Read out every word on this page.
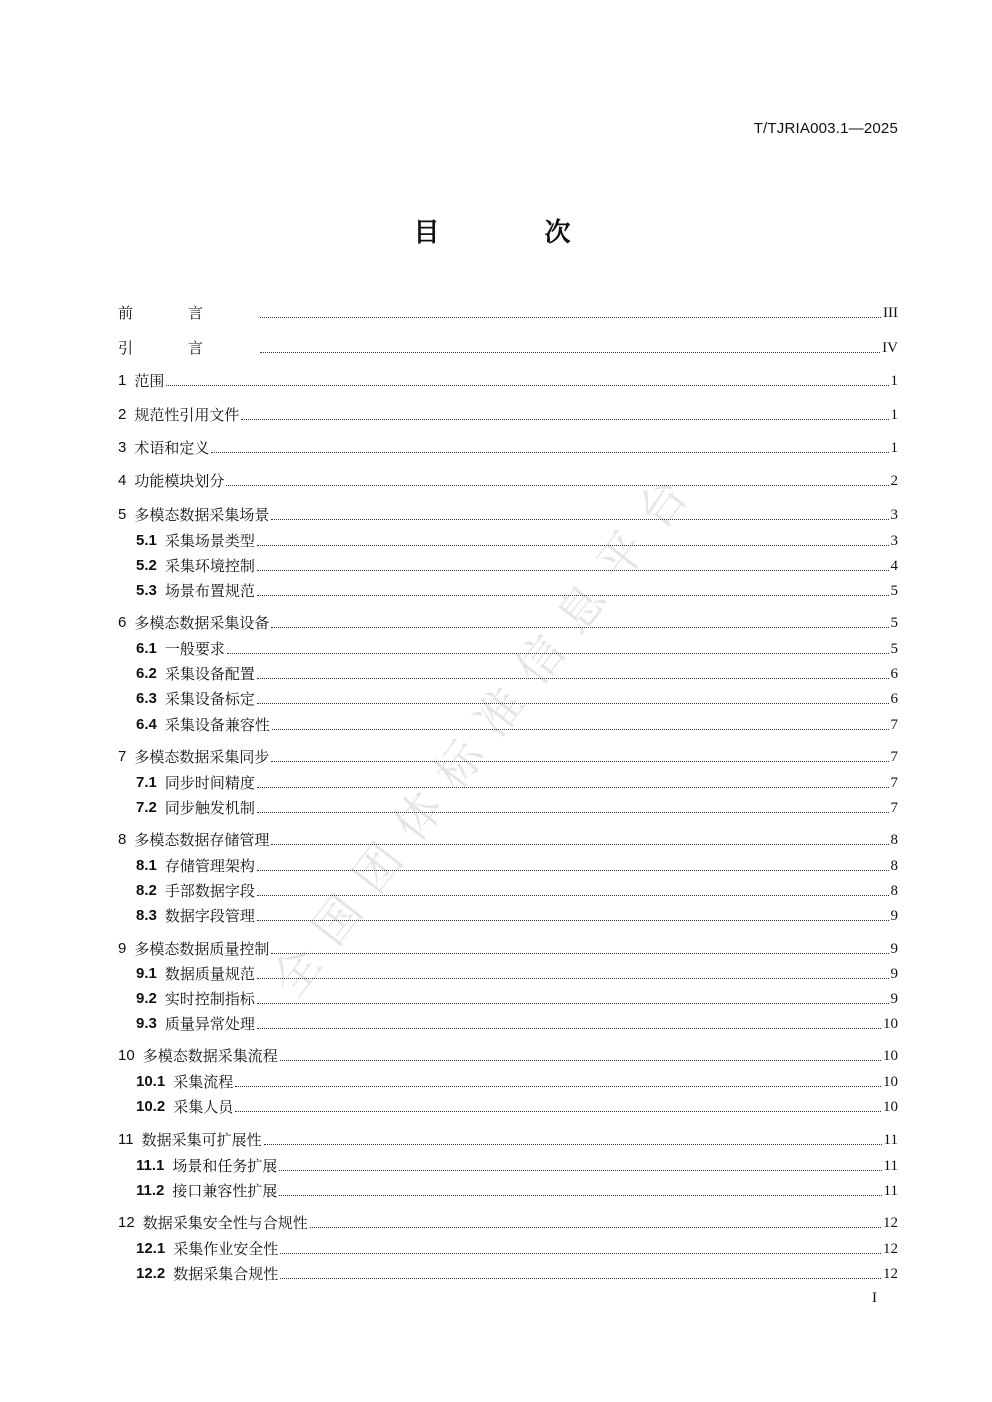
T/TJRIA003.1—2025
目 次
全国团体标准信息平台
前言	III
引言	IV
1 范围	1
2 规范性引用文件	1
3 术语和定义	1
4 功能模块划分	2
5 多模态数据采集场景	3
5.1 采集场景类型	3
5.2 采集环境控制	4
5.3 场景布置规范	5
6 多模态数据采集设备	5
6.1 一般要求	5
6.2 采集设备配置	6
6.3 采集设备标定	6
6.4 采集设备兼容性	7
7 多模态数据采集同步	7
7.1 同步时间精度	7
7.2 同步触发机制	7
8 多模态数据存储管理	8
8.1 存储管理架构	8
8.2 手部数据字段	8
8.3 数据字段管理	9
9 多模态数据质量控制	9
9.1 数据质量规范	9
9.2 实时控制指标	9
9.3 质量异常处理	10
10 多模态数据采集流程	10
10.1 采集流程	10
10.2 采集人员	10
11 数据采集可扩展性	11
11.1 场景和任务扩展	11
11.2 接口兼容性扩展	11
12 数据采集安全性与合规性	12
12.1 采集作业安全性	12
12.2 数据采集合规性	12
I
